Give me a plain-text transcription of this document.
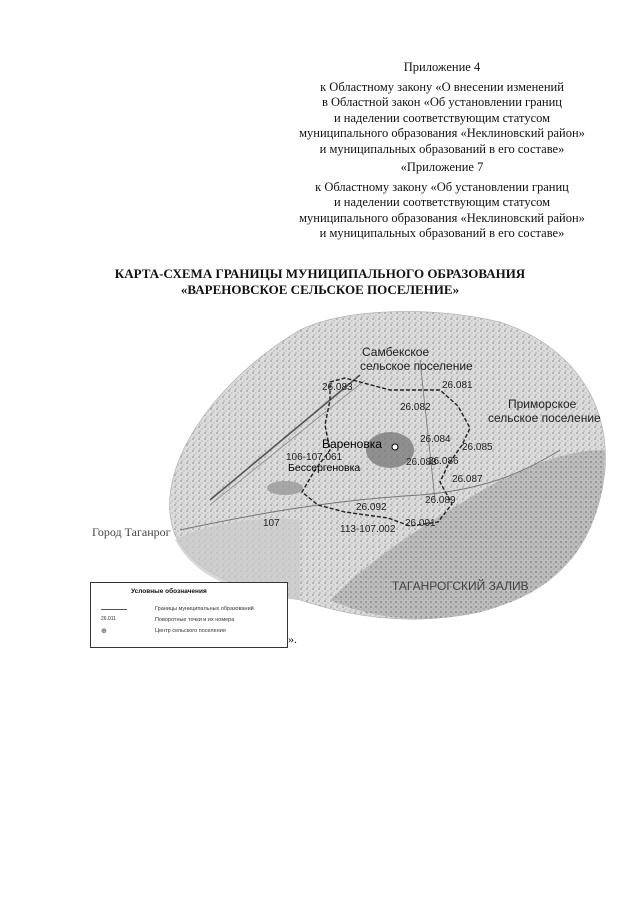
Приложение 4
к Областному закону «О внесении изменений
в Областной закон «Об установлении границ
и наделении соответствующим статусом
муниципального образования «Неклиновский район»
и муниципальных образований в его составе»
«Приложение 7
к Областному закону «Об установлении границ
и наделении соответствующим статусом
муниципального образования «Неклиновский район»
и муниципальных образований в его составе»
КАРТА-СХЕМА ГРАНИЦЫ МУНИЦИПАЛЬНОГО ОБРАЗОВАНИЯ
«ВАРЕНОВСКОЕ СЕЛЬСКОЕ ПОСЕЛЕНИЕ»
Самбекское
сельское поселение
Приморское
сельское поселение
Вареновка
Бессергеновка
Город Таганрог
ТАГАНРОГСКИЙ ЗАЛИВ
26.083	26.081
26.082
26.084
26.085
106-107.061	26.088
26.086
26.087
26.089
26.092
26.091
107
113-107.002
Условные обозначения
Границы муниципальных образований
26.011	Поворотные точки и их номера
⊕	Центр сельского поселения
».
